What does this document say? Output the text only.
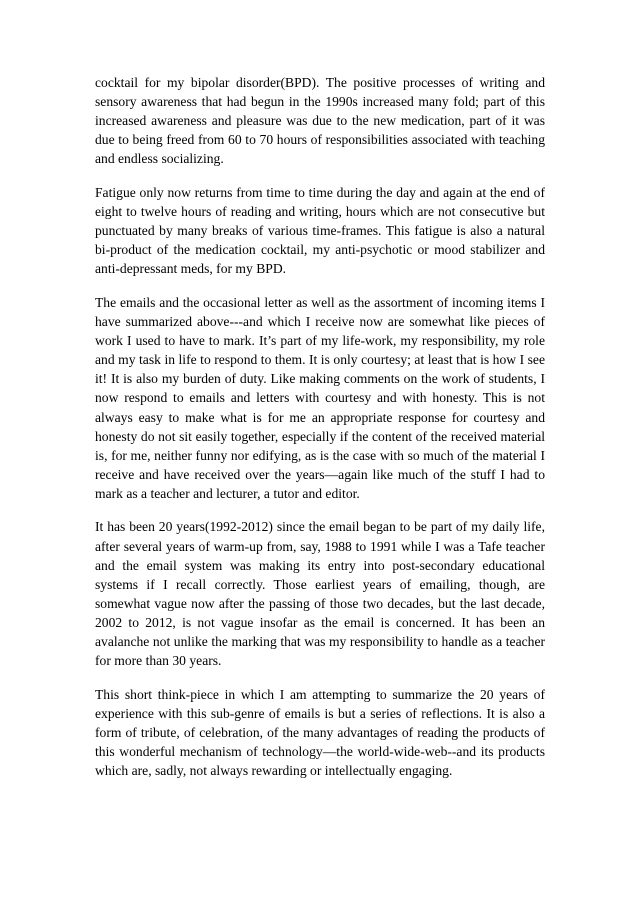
cocktail for my bipolar disorder(BPD). The positive processes of writing and sensory awareness that had begun in the 1990s increased many fold; part of this increased awareness and pleasure was due to the new medication, part of it was due to being freed from 60 to 70 hours of responsibilities associated with teaching and endless socializing.

Fatigue only now returns from time to time during the day and again at the end of eight to twelve hours of reading and writing, hours which are not consecutive but punctuated by many breaks of various time-frames. This fatigue is also a natural bi-product of the medication cocktail, my anti-psychotic or mood stabilizer and anti-depressant meds, for my BPD.

The emails and the occasional letter as well as the assortment of incoming items I have summarized above---and which I receive now are somewhat like pieces of work I used to have to mark. It’s part of my life-work, my responsibility, my role and my task in life to respond to them. It is only courtesy; at least that is how I see it! It is also my burden of duty. Like making comments on the work of students, I now respond to emails and letters with courtesy and with honesty. This is not always easy to make what is for me an appropriate response for courtesy and honesty do not sit easily together, especially if the content of the received material is, for me, neither funny nor edifying, as is the case with so much of the material I receive and have received over the years—again like much of the stuff I had to mark as a teacher and lecturer, a tutor and editor.

It has been 20 years(1992-2012) since the email began to be part of my daily life, after several years of warm-up from, say, 1988 to 1991 while I was a Tafe teacher and the email system was making its entry into post-secondary educational systems if I recall correctly. Those earliest years of emailing, though, are somewhat vague now after the passing of those two decades, but the last decade, 2002 to 2012, is not vague insofar as the email is concerned. It has been an avalanche not unlike the marking that was my responsibility to handle as a teacher for more than 30 years.

This short think-piece in which I am attempting to summarize the 20 years of experience with this sub-genre of emails is but a series of reflections. It is also a form of tribute, of celebration, of the many advantages of reading the products of this wonderful mechanism of technology—the world-wide-web--and its products which are, sadly, not always rewarding or intellectually engaging.
